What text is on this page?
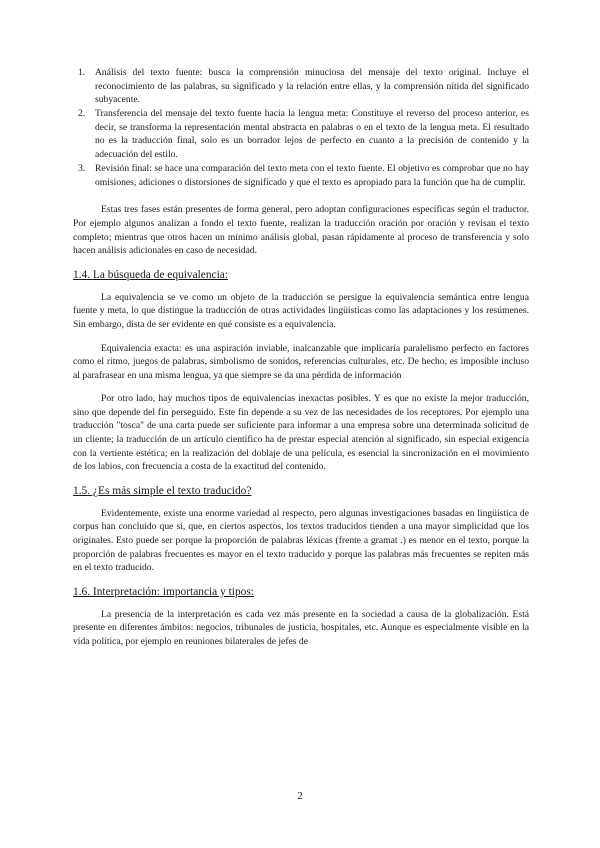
1. Análisis del texto fuente: busca la comprensión minuciosa del mensaje del texto original. Incluye el reconocimiento de las palabras, su significado y la relación entre ellas, y la comprensión nítida del significado subyacente.
2. Transferencia del mensaje del texto fuente hacia la lengua meta: Constituye el reverso del proceso anterior, es decir, se transforma la representación mental abstracta en palabras o en el texto de la lengua meta. El resultado no es la traducción final, solo es un borrador lejos de perfecto en cuanto a la precisión de contenido y la adecuación del estilo.
3. Revisión final: se hace una comparación del texto meta con el texto fuente. El objetivo es comprobar que no hay omisiones, adiciones o distorsiones de significado y que el texto es apropiado para la función que ha de cumplir.

Estas tres fases están presentes de forma general, pero adoptan configuraciones específicas según el traductor. Por ejemplo algunos analizan a fondo el texto fuente, realizan la traducción oración por oración y revisan el texto completo; mientras que otros hacen un mínimo análisis global, pasan rápidamente al proceso de transferencia y solo hacen análisis adicionales en caso de necesidad.

1.4. La búsqueda de equivalencia:

La equivalencia se ve como un objeto de la traducción se persigue la equivalencia semántica entre lengua fuente y meta, lo que distingue la traducción de otras actividades lingüísticas como las adaptaciones y los resúmenes. Sin embargo, dista de ser evidente en qué consiste es a equivalencia.

Equivalencia exacta: es una aspiración inviable, inalcanzable que implicaría paralelismo perfecto en factores como el ritmo, juegos de palabras, simbolismo de sonidos, referencias culturales, etc. De hecho, es imposible incluso al parafrasear en una misma lengua, ya que siempre se da una pérdida de información

Por otro lado, hay muchos tipos de equivalencias inexactas posibles. Y es que no existe la mejor traducción, sino que depende del fin perseguido. Este fin depende a su vez de las necesidades de los receptores. Por ejemplo una traducción "tosca" de una carta puede ser suficiente para informar a una empresa sobre una determinada solicitud de un cliente; la traducción de un artículo científico ha de prestar especial atención al significado, sin especial exigencia con la vertiente estética; en la realización del doblaje de una película, es esencial la sincronización en el movimiento de los labios, con frecuencia a costa de la exactitud del contenido.

1.5. ¿Es más simple el texto traducido?

Evidentemente, existe una enorme variedad al respecto, pero algunas investigaciones basadas en lingüística de corpus han concluido que sí, que, en ciertos aspectos, los textos traducidos tienden a una mayor simplicidad que los originales. Esto puede ser porque la proporción de palabras léxicas (frente a gramat .) es menor en el texto, porque la proporción de palabras frecuentes es mayor en el texto traducido y porque las palabras más frecuentes se repiten más en el texto traducido.

1.6. Interpretación: importancia y tipos:

La presencia de la interpretación es cada vez más presente en la sociedad a causa de la globalización. Está presente en diferentes ámbitos: negocios, tribunales de justicia, hospitales, etc. Aunque es especialmente visible en la vida política, por ejemplo en reuniones bilaterales de jefes de

2
